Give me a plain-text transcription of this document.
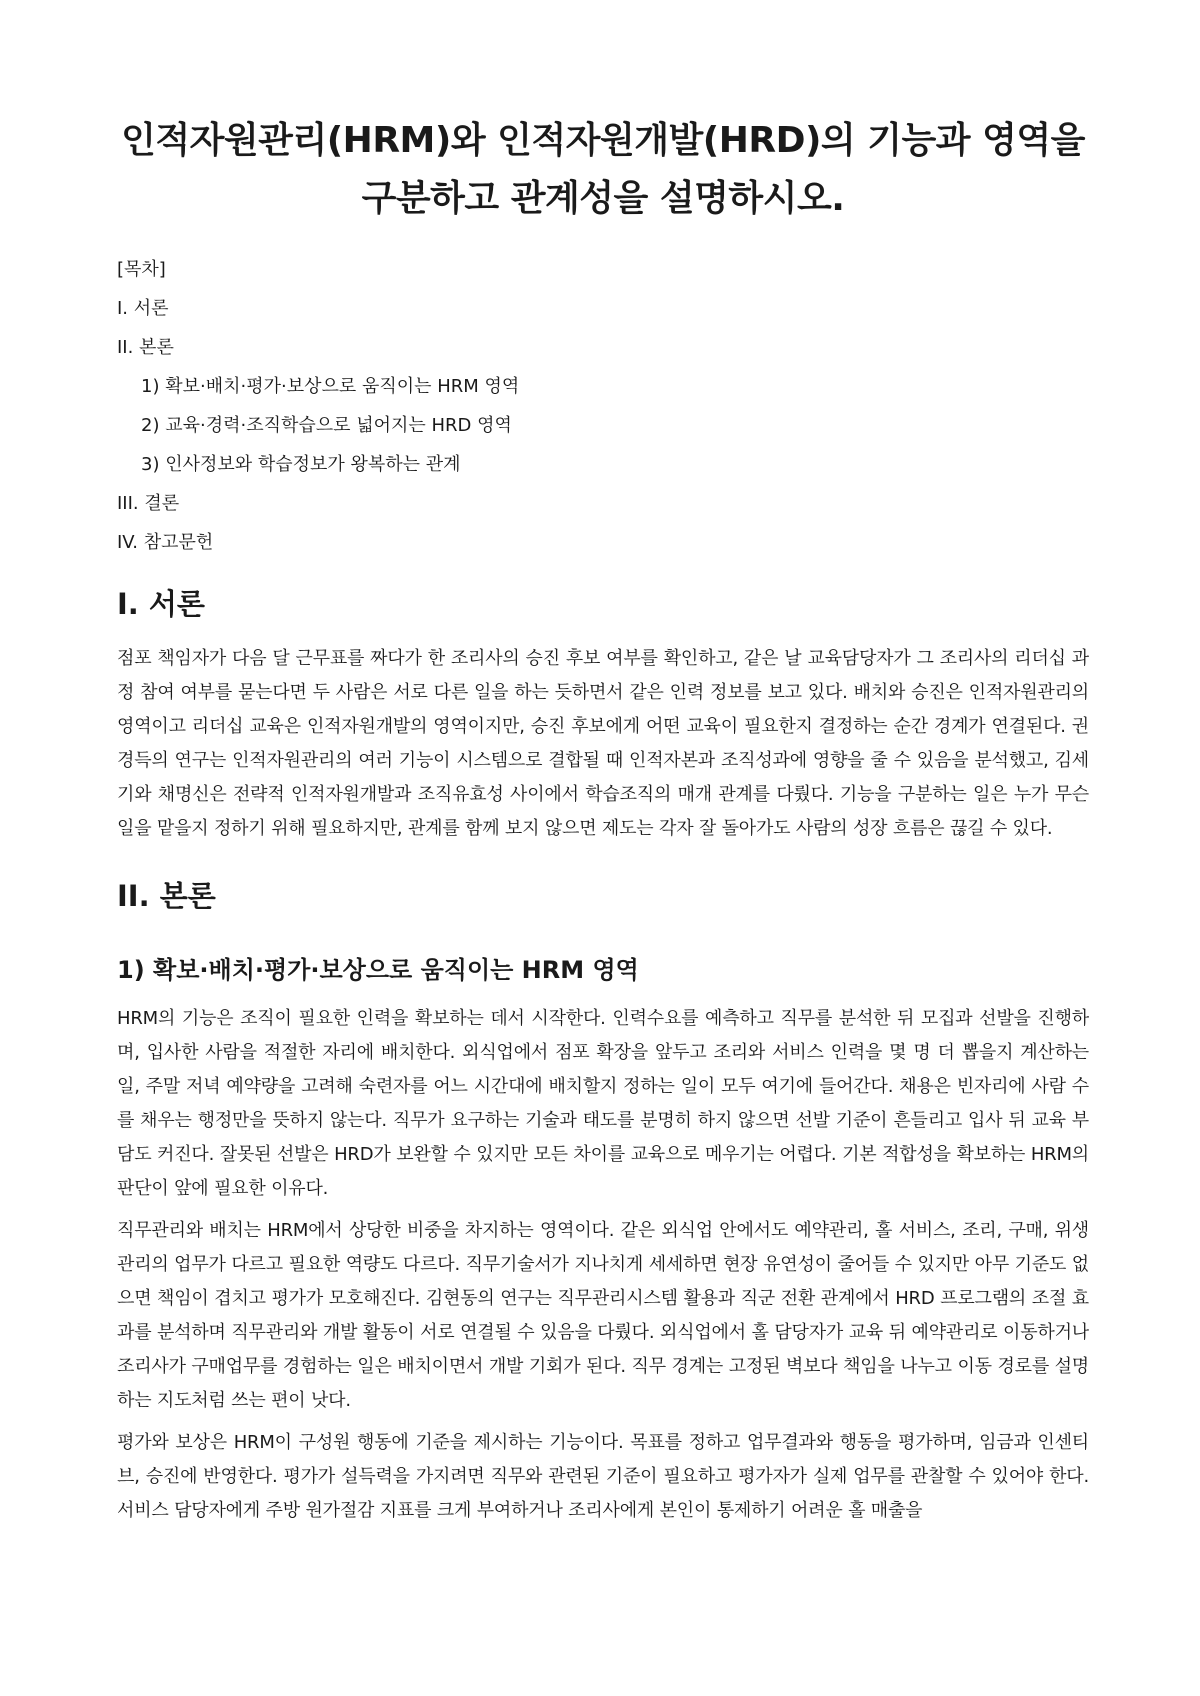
인적자원관리(HRM)와 인적자원개발(HRD)의 기능과 영역을 구분하고 관계성을 설명하시오.

[목차]

I. 서론

II. 본론

1) 확보·배치·평가·보상으로 움직이는 HRM 영역

2) 교육·경력·조직학습으로 넓어지는 HRD 영역

3) 인사정보와 학습정보가 왕복하는 관계

III. 결론

IV. 참고문헌

I. 서론

점포 책임자가 다음 달 근무표를 짜다가 한 조리사의 승진 후보 여부를 확인하고, 같은 날 교육담당자가 그 조리사의 리더십 과정 참여 여부를 묻는다면 두 사람은 서로 다른 일을 하는 듯하면서 같은 인력 정보를 보고 있다. 배치와 승진은 인적자원관리의 영역이고 리더십 교육은 인적자원개발의 영역이지만, 승진 후보에게 어떤 교육이 필요한지 결정하는 순간 경계가 연결된다. 권경득의 연구는 인적자원관리의 여러 기능이 시스템으로 결합될 때 인적자본과 조직성과에 영향을 줄 수 있음을 분석했고, 김세기와 채명신은 전략적 인적자원개발과 조직유효성 사이에서 학습조직의 매개 관계를 다뤘다. 기능을 구분하는 일은 누가 무슨 일을 맡을지 정하기 위해 필요하지만, 관계를 함께 보지 않으면 제도는 각자 잘 돌아가도 사람의 성장 흐름은 끊길 수 있다.

II. 본론
1) 확보·배치·평가·보상으로 움직이는 HRM 영역

HRM의 기능은 조직이 필요한 인력을 확보하는 데서 시작한다. 인력수요를 예측하고 직무를 분석한 뒤 모집과 선발을 진행하며, 입사한 사람을 적절한 자리에 배치한다. 외식업에서 점포 확장을 앞두고 조리와 서비스 인력을 몇 명 더 뽑을지 계산하는 일, 주말 저녁 예약량을 고려해 숙련자를 어느 시간대에 배치할지 정하는 일이 모두 여기에 들어간다. 채용은 빈자리에 사람 수를 채우는 행정만을 뜻하지 않는다. 직무가 요구하는 기술과 태도를 분명히 하지 않으면 선발 기준이 흔들리고 입사 뒤 교육 부담도 커진다. 잘못된 선발은 HRD가 보완할 수 있지만 모든 차이를 교육으로 메우기는 어렵다. 기본 적합성을 확보하는 HRM의 판단이 앞에 필요한 이유다.

직무관리와 배치는 HRM에서 상당한 비중을 차지하는 영역이다. 같은 외식업 안에서도 예약관리, 홀 서비스, 조리, 구매, 위생관리의 업무가 다르고 필요한 역량도 다르다. 직무기술서가 지나치게 세세하면 현장 유연성이 줄어들 수 있지만 아무 기준도 없으면 책임이 겹치고 평가가 모호해진다. 김현동의 연구는 직무관리시스템 활용과 직군 전환 관계에서 HRD 프로그램의 조절 효과를 분석하며 직무관리와 개발 활동이 서로 연결될 수 있음을 다뤘다. 외식업에서 홀 담당자가 교육 뒤 예약관리로 이동하거나 조리사가 구매업무를 경험하는 일은 배치이면서 개발 기회가 된다. 직무 경계는 고정된 벽보다 책임을 나누고 이동 경로를 설명하는 지도처럼 쓰는 편이 낫다.

평가와 보상은 HRM이 구성원 행동에 기준을 제시하는 기능이다. 목표를 정하고 업무결과와 행동을 평가하며, 임금과 인센티브, 승진에 반영한다. 평가가 설득력을 가지려면 직무와 관련된 기준이 필요하고 평가자가 실제 업무를 관찰할 수 있어야 한다. 서비스 담당자에게 주방 원가절감 지표를 크게 부여하거나 조리사에게 본인이 통제하기 어려운 홀 매출을
